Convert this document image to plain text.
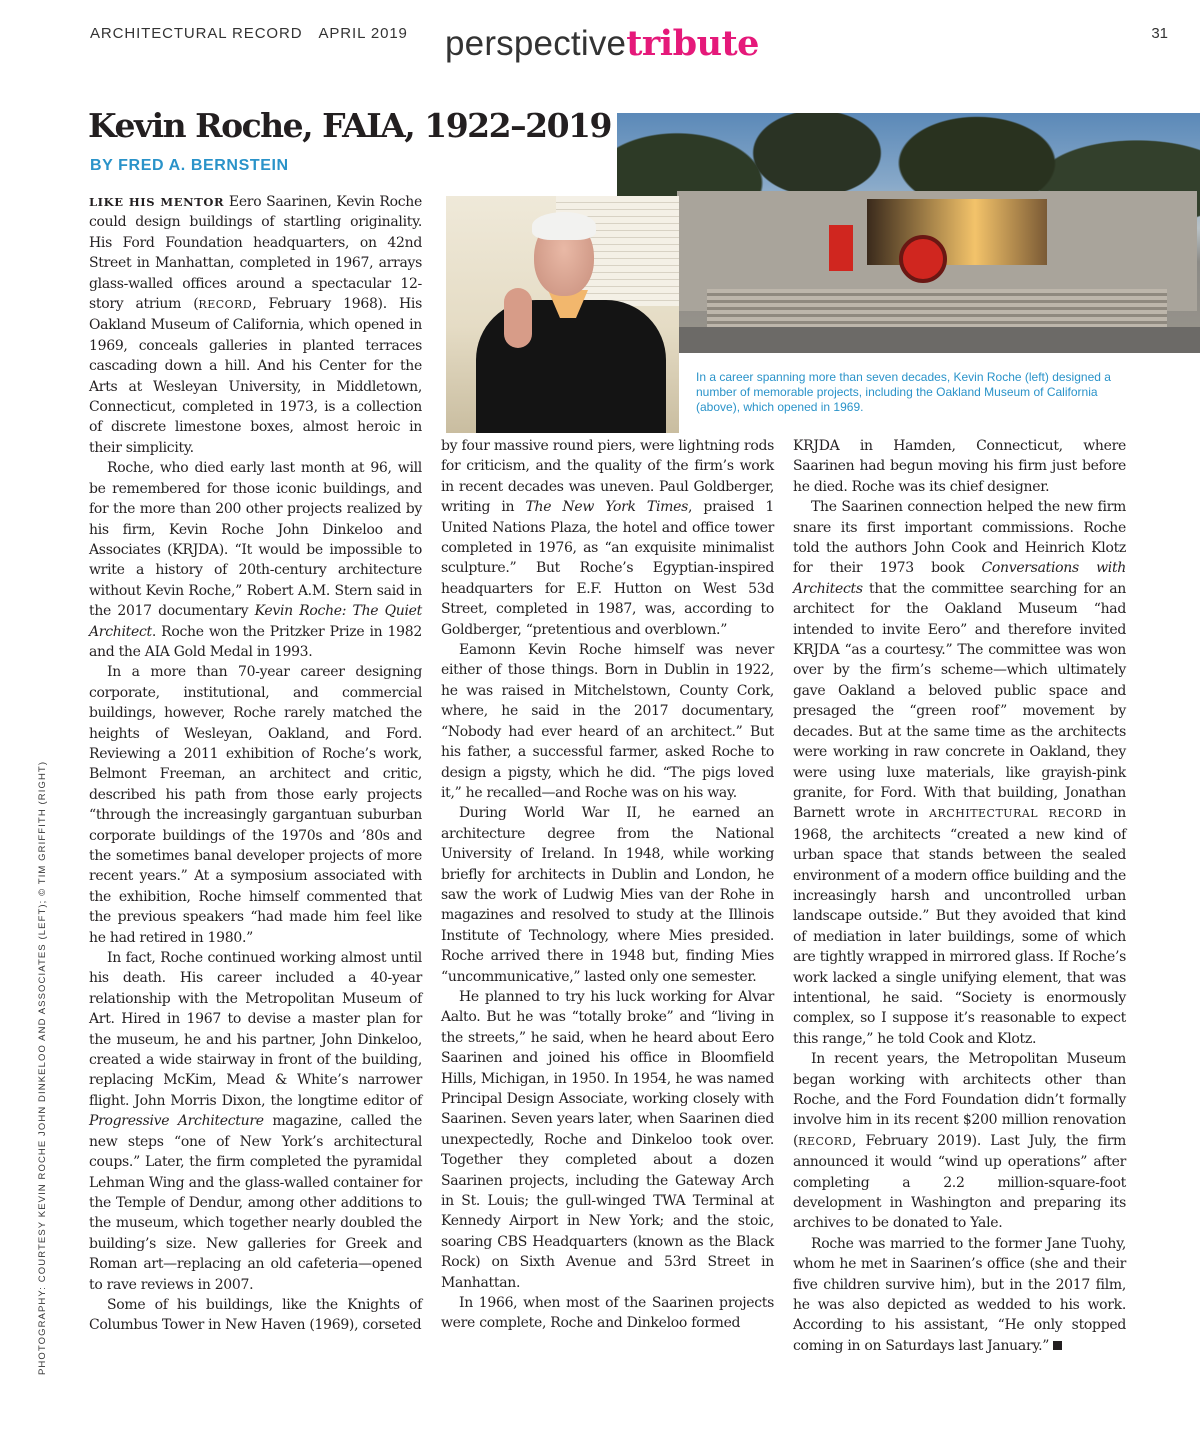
ARCHITECTURAL RECORD APRIL 2019 perspectivetribute	31
Kevin Roche, FAIA, 1922–2019
BY FRED A. BERNSTEIN

In a career spanning more than seven decades, Kevin Roche (left) designed a number of memorable projects, including the Oakland Museum of California (above), which opened in 1969.

PHOTOGRAPHY: COURTESY KEVIN ROCHE JOHN DINKELOO AND ASSOCIATES (LEFT); © TIM GRIFFITH (RIGHT)

LIKE HIS MENTOR Eero Saarinen, Kevin Roche could design buildings of startling originality. His Ford Foundation headquarters, on 42nd Street in Manhattan, completed in 1967, arrays glass-walled offices around a spectacular 12-story atrium (RECORD, February 1968). His Oakland Museum of California, which opened in 1969, conceals galleries in planted terraces cascading down a hill. And his Center for the Arts at Wesleyan University, in Middletown, Connecticut, completed in 1973, is a collection of discrete limestone boxes, almost heroic in their simplicity.

Roche, who died early last month at 96, will be remembered for those iconic buildings, and for the more than 200 other projects realized by his firm, Kevin Roche John Dinkeloo and Associates (KRJDA). “It would be impossible to write a history of 20th-century architecture without Kevin Roche,” Robert A.M. Stern said in the 2017 documentary Kevin Roche: The Quiet Architect. Roche won the Pritzker Prize in 1982 and the AIA Gold Medal in 1993.

In a more than 70-year career designing corporate, institutional, and commercial buildings, however, Roche rarely matched the heights of Wesleyan, Oakland, and Ford. Reviewing a 2011 exhibition of Roche’s work, Belmont Freeman, an architect and critic, described his path from those early projects “through the increasingly gargantuan suburban corporate buildings of the 1970s and ’80s and the sometimes banal developer projects of more recent years.” At a symposium associated with the exhibition, Roche himself commented that the previous speakers “had made him feel like he had retired in 1980.”

In fact, Roche continued working almost until his death. His career included a 40-year relationship with the Metropolitan Museum of Art. Hired in 1967 to devise a master plan for the museum, he and his partner, John Dinkeloo, created a wide stairway in front of the building, replacing McKim, Mead & White’s narrower flight. John Morris Dixon, the longtime editor of Progressive Architecture magazine, called the new steps “one of New York’s architectural coups.” Later, the firm completed the pyramidal Lehman Wing and the glass-walled container for the Temple of Dendur, among other additions to the museum, which together nearly doubled the building’s size. New galleries for Greek and Roman art—replacing an old cafeteria—opened to rave reviews in 2007.

Some of his buildings, like the Knights of Columbus Tower in New Haven (1969), corseted

by four massive round piers, were lightning rods for criticism, and the quality of the firm’s work in recent decades was uneven. Paul Goldberger, writing in The New York Times, praised 1 United Nations Plaza, the hotel and office tower completed in 1976, as “an exquisite minimalist sculpture.” But Roche’s Egyptian-inspired headquarters for E.F. Hutton on West 53d Street, completed in 1987, was, according to Goldberger, “pretentious and overblown.”

Eamonn Kevin Roche himself was never either of those things. Born in Dublin in 1922, he was raised in Mitchelstown, County Cork, where, he said in the 2017 documentary, “Nobody had ever heard of an architect.” But his father, a successful farmer, asked Roche to design a pigsty, which he did. “The pigs loved it,” he recalled—and Roche was on his way.

During World War II, he earned an architecture degree from the National University of Ireland. In 1948, while working briefly for architects in Dublin and London, he saw the work of Ludwig Mies van der Rohe in magazines and resolved to study at the Illinois Institute of Technology, where Mies presided. Roche arrived there in 1948 but, finding Mies “uncommunicative,” lasted only one semester.

He planned to try his luck working for Alvar Aalto. But he was “totally broke” and “living in the streets,” he said, when he heard about Eero Saarinen and joined his office in Bloomfield Hills, Michigan, in 1950. In 1954, he was named Principal Design Associate, working closely with Saarinen. Seven years later, when Saarinen died unexpectedly, Roche and Dinkeloo took over. Together they completed about a dozen Saarinen projects, including the Gateway Arch in St. Louis; the gull-winged TWA Terminal at Kennedy Airport in New York; and the stoic, soaring CBS Headquarters (known as the Black Rock) on Sixth Avenue and 53rd Street in Manhattan.

In 1966, when most of the Saarinen projects were complete, Roche and Dinkeloo formed

KRJDA in Hamden, Connecticut, where Saarinen had begun moving his firm just before he died. Roche was its chief designer.

The Saarinen connection helped the new firm snare its first important commissions. Roche told the authors John Cook and Heinrich Klotz for their 1973 book Conversations with Architects that the committee searching for an architect for the Oakland Museum “had intended to invite Eero” and therefore invited KRJDA “as a courtesy.” The committee was won over by the firm’s scheme—which ultimately gave Oakland a beloved public space and presaged the “green roof” movement by decades. But at the same time as the architects were working in raw concrete in Oakland, they were using luxe materials, like grayish-pink granite, for Ford. With that building, Jonathan Barnett wrote in ARCHITECTURAL RECORD in 1968, the architects “created a new kind of urban space that stands between the sealed environment of a modern office building and the increasingly harsh and uncontrolled urban landscape outside.” But they avoided that kind of mediation in later buildings, some of which are tightly wrapped in mirrored glass. If Roche’s work lacked a single unifying element, that was intentional, he said. “Society is enormously complex, so I suppose it’s reasonable to expect this range,” he told Cook and Klotz.

In recent years, the Metropolitan Museum began working with architects other than Roche, and the Ford Foundation didn’t formally involve him in its recent $200 million renovation (RECORD, February 2019). Last July, the firm announced it would “wind up operations” after completing a 2.2 million-square-foot development in Washington and preparing its archives to be donated to Yale.

Roche was married to the former Jane Tuohy, whom he met in Saarinen’s office (she and their five children survive him), but in the 2017 film, he was also depicted as wedded to his work. According to his assistant, “He only stopped coming in on Saturdays last January.”
